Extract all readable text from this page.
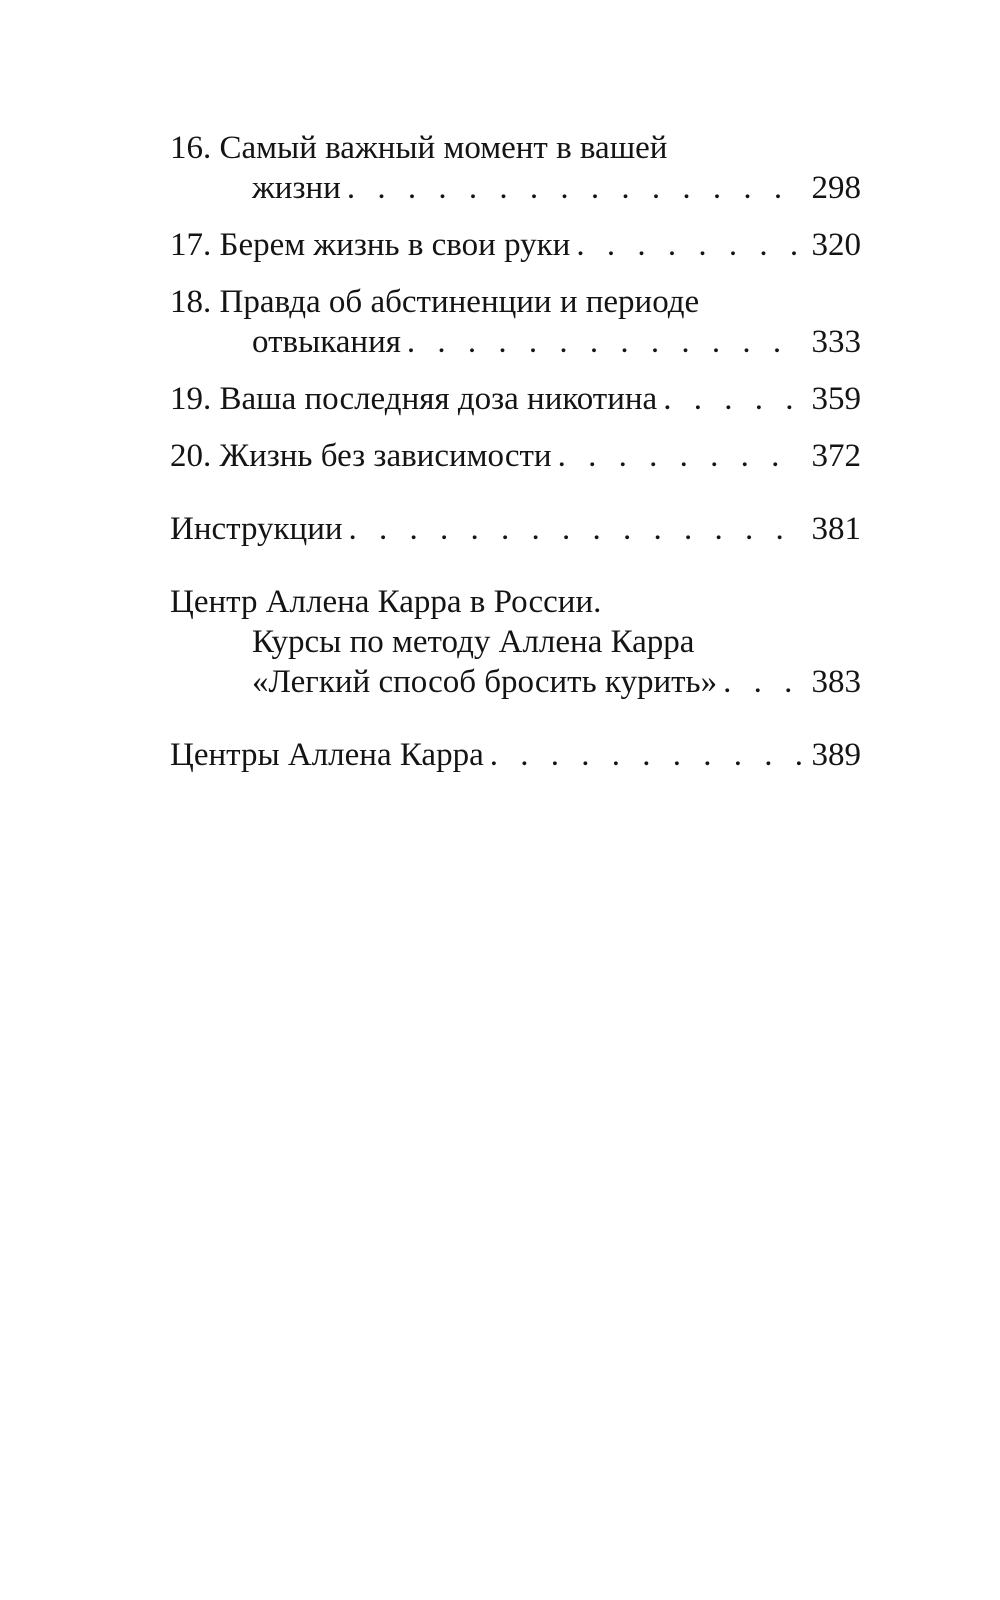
16. Самый важный момент в вашей
жизни . . .	298
17. Берем жизнь в свои руки . . .	320
18. Правда об абстиненции и периоде
отвыкания . . .	333
19. Ваша последняя доза никотина . . .	359
20. Жизнь без зависимости . . .	372
Инструкции . . .	381
Центр Аллена Карра в России.
Курсы по методу Аллена Карра
«Легкий способ бросить курить» . . .	383
Центры Аллена Карра . . .	389
